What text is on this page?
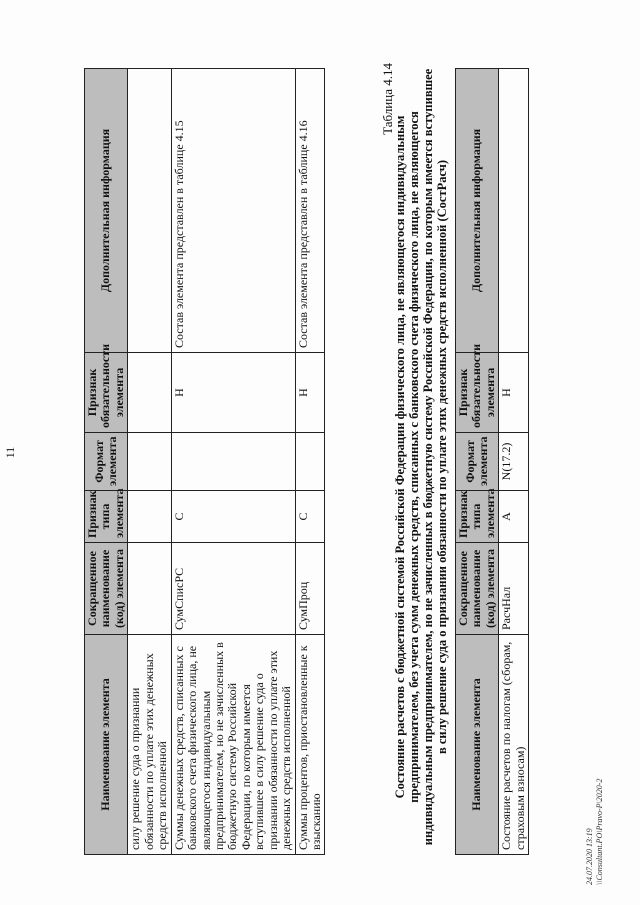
11
Наименование элемента	Сокращенное наименование (код) элемента	Признак типа элемента	Формат элемента	Признак обязательности элемента	Дополнительная информация
силу решение суда о признании обязанности по уплате этих денежных средств исполненной					
Суммы денежных средств, списанных с банковского счета физического лица, не являющегося индивидуальным предпринимателем, но не зачисленных в бюджетную систему Российской Федерации, по которым имеется вступившее в силу решение суда о признании обязанности по уплате этих денежных средств исполненной	СумСписРС	С		Н	Состав элемента представлен в таблице 4.15
Суммы процентов, приостановленные к взысканию	СумПроц	С		Н	Состав элемента представлен в таблице 4.16
Таблица 4.14
Состояние расчетов с бюджетной системой Российской Федерации физического лица, не являющегося индивидуальным предпринимателем, без учета сумм денежных средств, списанных с банковского счета физического лица, не являющегося индивидуальным предпринимателем, но не зачисленных в бюджетную систему Российской Федерации, по которым имеется вступившее в силу решение суда о признании обязанности по уплате этих денежных средств исполненной (СостРасч) Наименование элемента	Сокращенное наименование (код) элемента	Признак типа элемента	Формат элемента	Признак обязательности элемента	Дополнительная информация
Состояние расчетов по налогам (сборам, страховым взносам)	РасчНал	А	N(17.2)	Н	
24.07.2020 13:19 \\Consultant.PO\Pravo-P\2020-2
